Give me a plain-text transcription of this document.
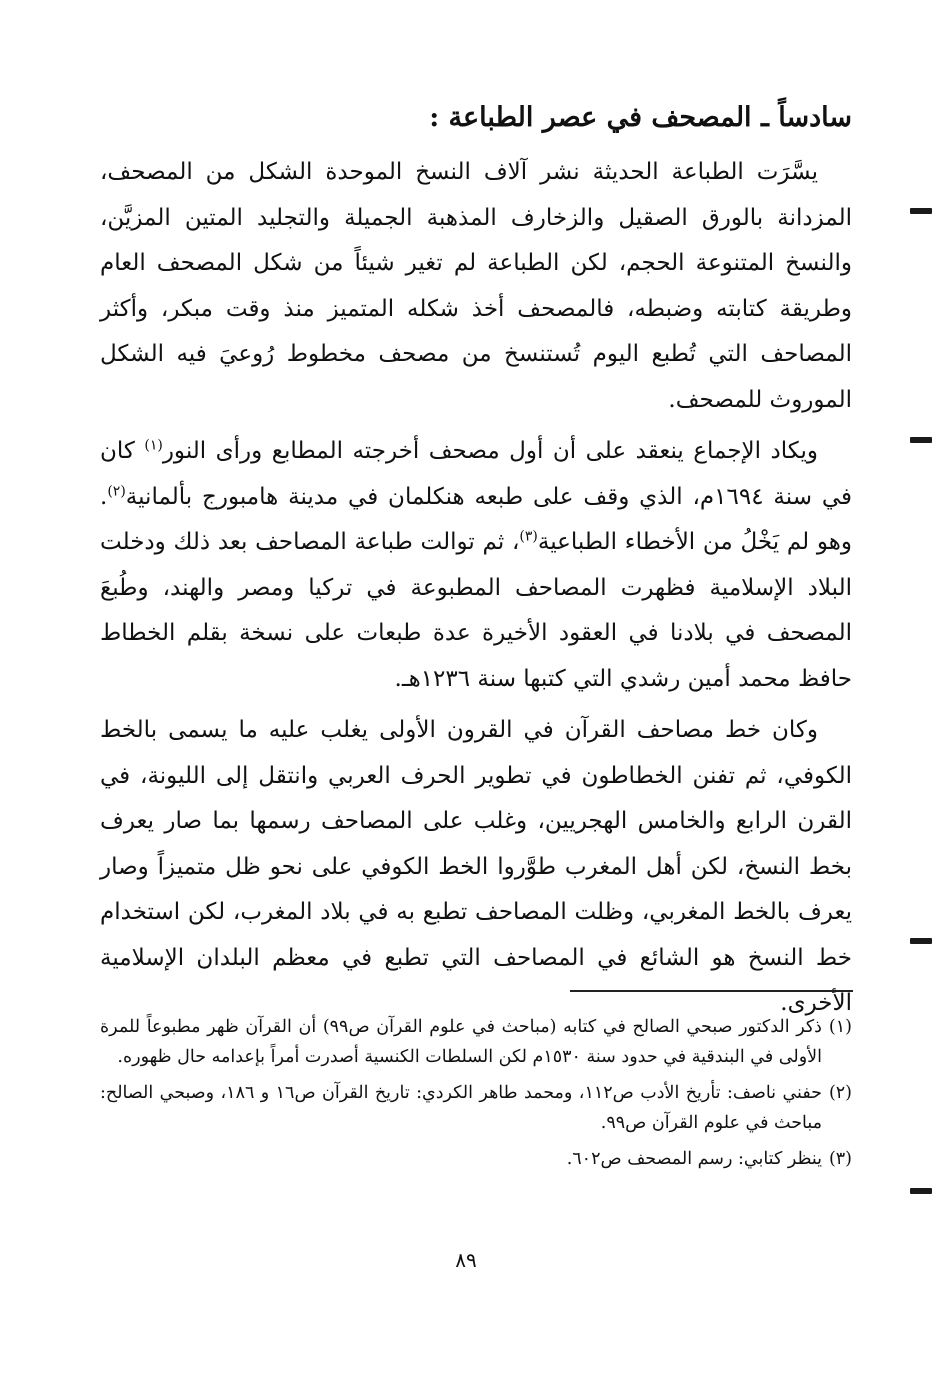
سادساً ـ المصحف في عصر الطباعة :

يسَّرَت الطباعة الحديثة نشر آلاف النسخ الموحدة الشكل من المصحف، المزدانة بالورق الصقيل والزخارف المذهبة الجميلة والتجليد المتين المزيَّن، والنسخ المتنوعة الحجم، لكن الطباعة لم تغير شيئاً من شكل المصحف العام وطريقة كتابته وضبطه، فالمصحف أخذ شكله المتميز منذ وقت مبكر، وأكثر المصاحف التي تُطبع اليوم تُستنسخ من مصحف مخطوط رُوعيَ فيه الشكل الموروث للمصحف.

ويكاد الإجماع ينعقد على أن أول مصحف أخرجته المطابع ورأى النور$^{(١)}$ كان في سنة ١٦٩٤م، الذي وقف على طبعه هنكلمان في مدينة هامبورج بألمانية$^{(٢)}$. وهو لم يَخْلُ من الأخطاء الطباعية$^{(٣)}$، ثم توالت طباعة المصاحف بعد ذلك ودخلت البلاد الإسلامية فظهرت المصاحف المطبوعة في تركيا ومصر والهند، وطُبعَ المصحف في بلادنا في العقود الأخيرة عدة طبعات على نسخة بقلم الخطاط حافظ محمد أمين رشدي التي كتبها سنة ١٢٣٦هـ.

وكان خط مصاحف القرآن في القرون الأولى يغلب عليه ما يسمى بالخط الكوفي، ثم تفنن الخطاطون في تطوير الحرف العربي وانتقل إلى الليونة، في القرن الرابع والخامس الهجريين، وغلب على المصاحف رسمها بما صار يعرف بخط النسخ، لكن أهل المغرب طوَّروا الخط الكوفي على نحو ظل متميزاً وصار يعرف بالخط المغربي، وظلت المصاحف تطبع به في بلاد المغرب، لكن استخدام خط النسخ هو الشائع في المصاحف التي تطبع في معظم البلدان الإسلامية الأخرى.

(١)ذكر الدكتور صبحي الصالح في كتابه (مباحث في علوم القرآن ص٩٩) أن القرآن ظهر مطبوعاً للمرة الأولى في البندقية في حدود سنة ١٥٣٠م لكن السلطات الكنسية أصدرت أمراً بإعدامه حال ظهوره.
(٢)حفني ناصف: تأريخ الأدب ص١١٢، ومحمد طاهر الكردي: تاريخ القرآن ص١٦ و ١٨٦، وصبحي الصالح: مباحث في علوم القرآن ص٩٩.
(٣)ينظر كتابي: رسم المصحف ص٦٠٢.
٨٩
